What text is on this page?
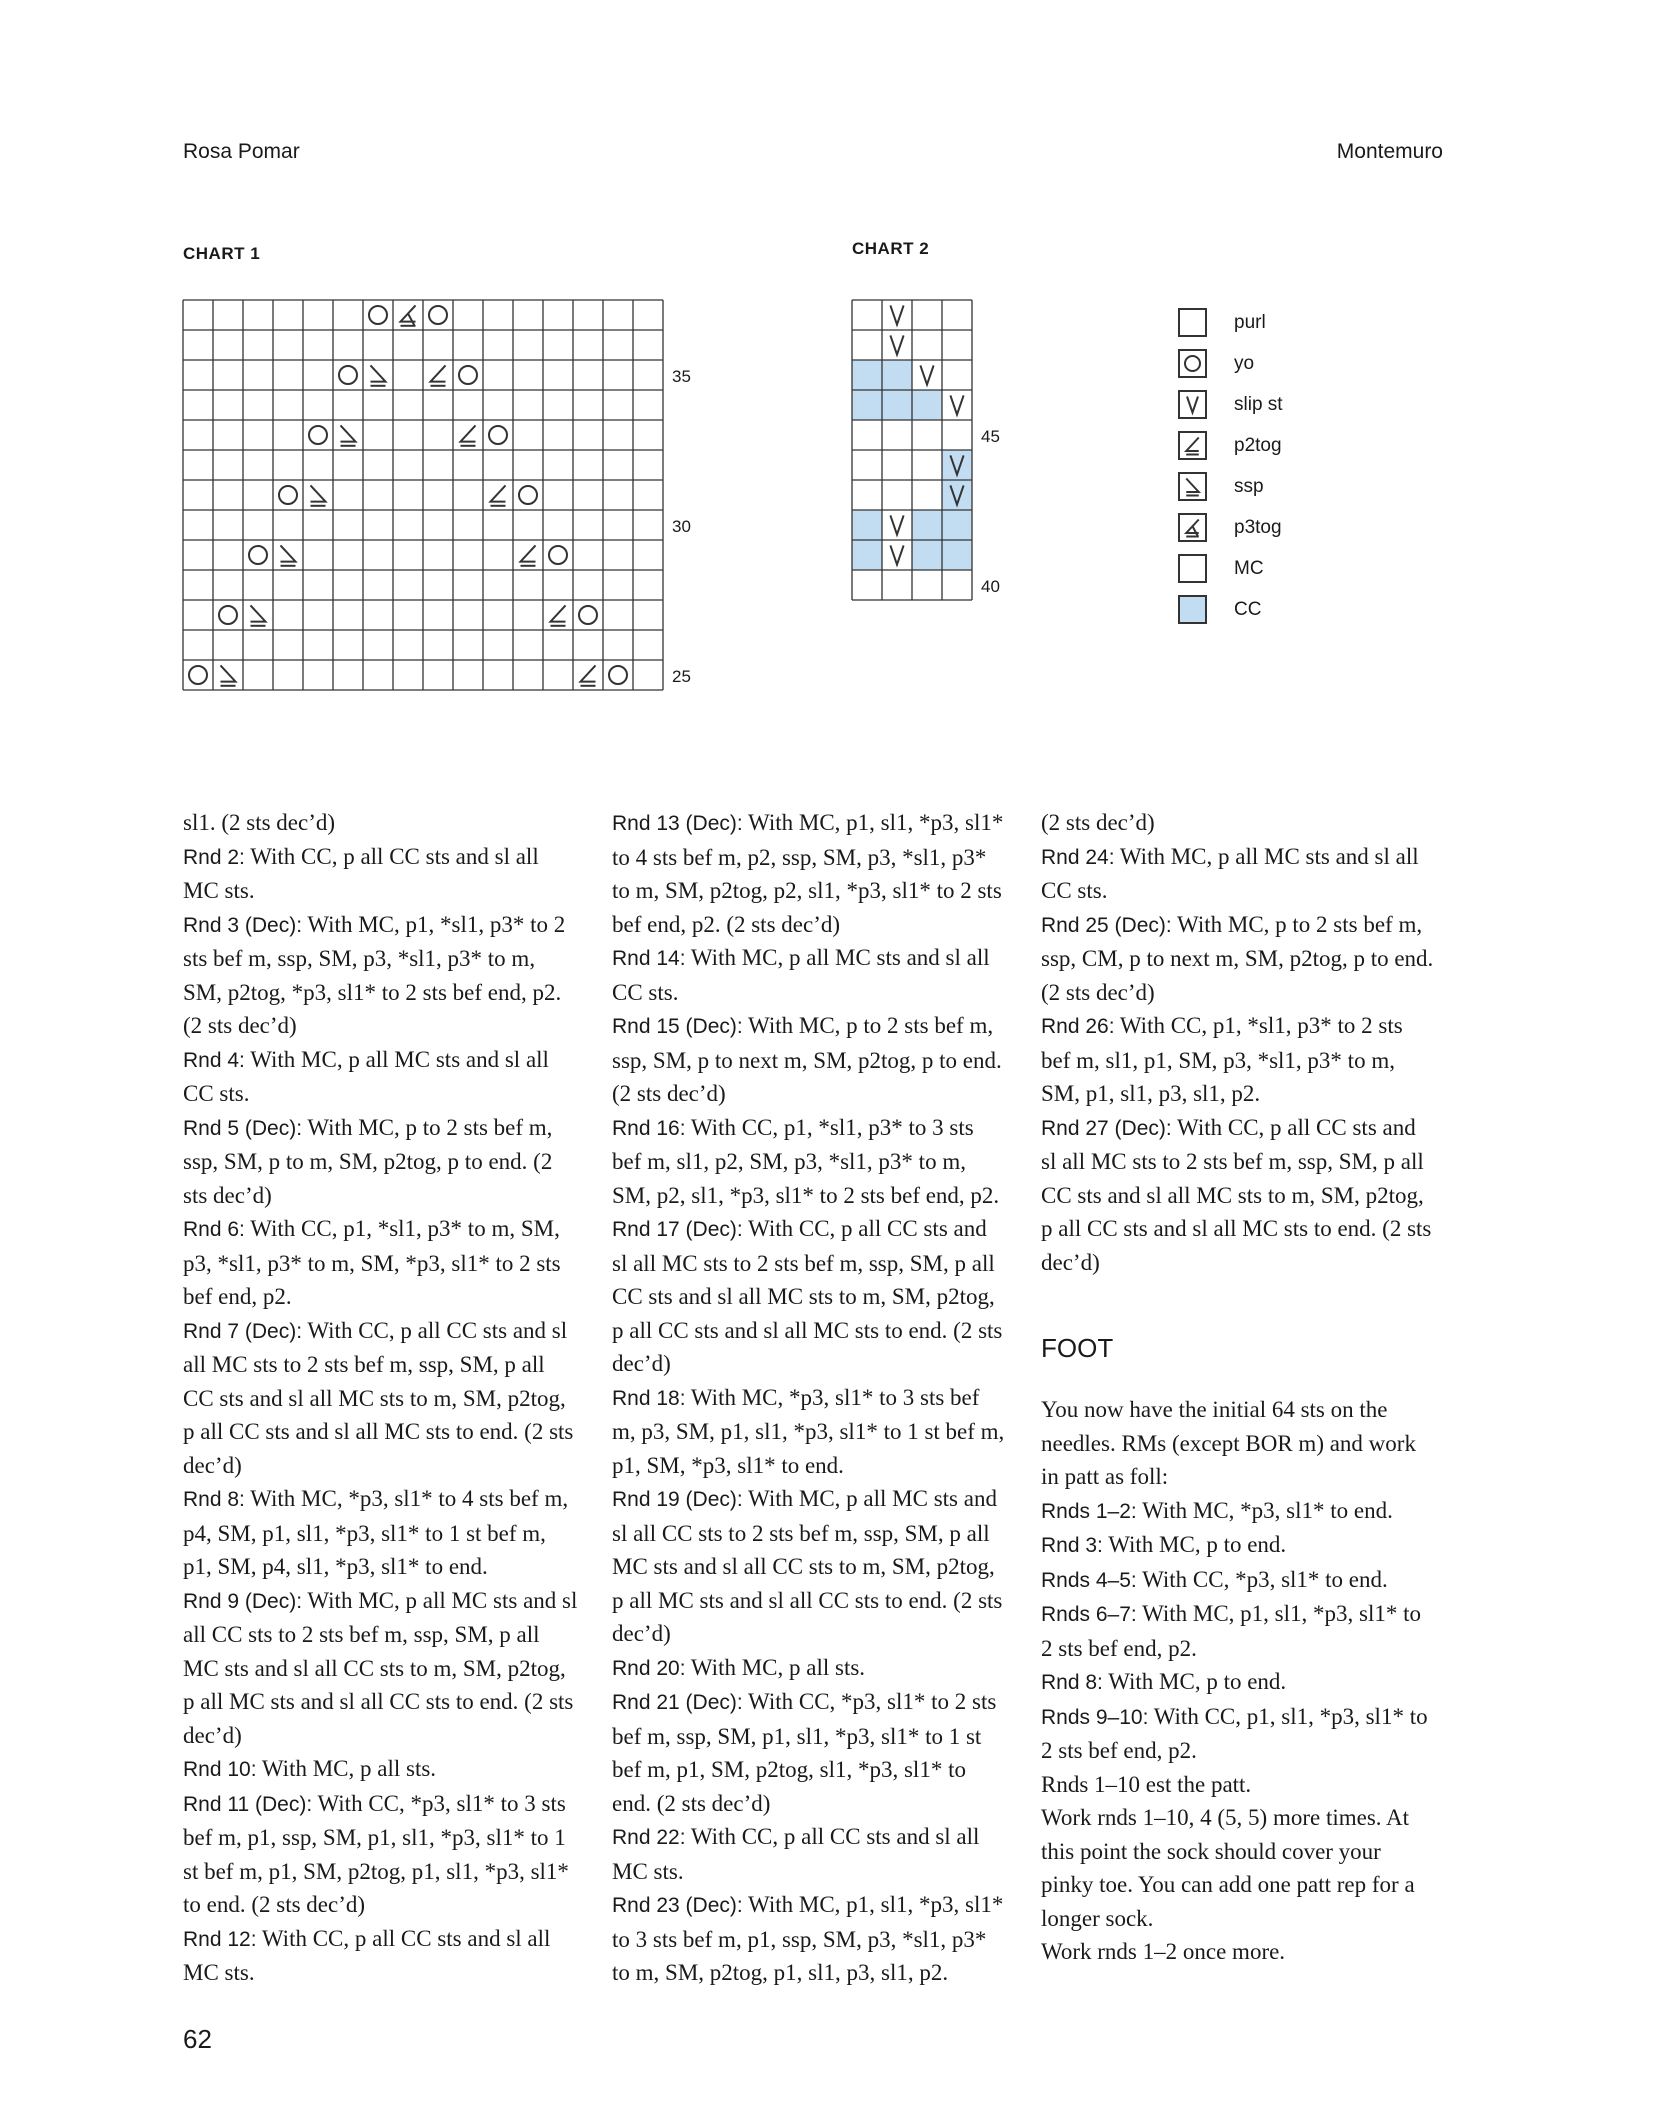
Rosa Pomar	Montemuro
CHART 1
35
30
25
CHART 2
45
40
purl
yo
slip st
p2tog
ssp
p3tog
MC
CC

sl1. (2 sts dec’d)

Rnd 2: With CC, p all CC sts and sl all MC sts.

Rnd 3 (Dec): With MC, p1, *sl1, p3* to 2 sts bef m, ssp, SM, p3, *sl1, p3* to m, SM, p2tog, *p3, sl1* to 2 sts bef end, p2. (2 sts dec’d)

Rnd 4: With MC, p all MC sts and sl all CC sts.

Rnd 5 (Dec): With MC, p to 2 sts bef m, ssp, SM, p to m, SM, p2tog, p to end. (2 sts dec’d)

Rnd 6: With CC, p1, *sl1, p3* to m, SM, p3, *sl1, p3* to m, SM, *p3, sl1* to 2 sts bef end, p2.

Rnd 7 (Dec): With CC, p all CC sts and sl all MC sts to 2 sts bef m, ssp, SM, p all CC sts and sl all MC sts to m, SM, p2tog, p all CC sts and sl all MC sts to end. (2 sts dec’d)

Rnd 8: With MC, *p3, sl1* to 4 sts bef m, p4, SM, p1, sl1, *p3, sl1* to 1 st bef m, p1, SM, p4, sl1, *p3, sl1* to end.

Rnd 9 (Dec): With MC, p all MC sts and sl all CC sts to 2 sts bef m, ssp, SM, p all MC sts and sl all CC sts to m, SM, p2tog, p all MC sts and sl all CC sts to end. (2 sts dec’d)

Rnd 10: With MC, p all sts.

Rnd 11 (Dec): With CC, *p3, sl1* to 3 sts bef m, p1, ssp, SM, p1, sl1, *p3, sl1* to 1 st bef m, p1, SM, p2tog, p1, sl1, *p3, sl1* to end. (2 sts dec’d)

Rnd 12: With CC, p all CC sts and sl all MC sts.

Rnd 13 (Dec): With MC, p1, sl1, *p3, sl1* to 4 sts bef m, p2, ssp, SM, p3, *sl1, p3* to m, SM, p2tog, p2, sl1, *p3, sl1* to 2 sts bef end, p2. (2 sts dec’d)

Rnd 14: With MC, p all MC sts and sl all CC sts.

Rnd 15 (Dec): With MC, p to 2 sts bef m, ssp, SM, p to next m, SM, p2tog, p to end. (2 sts dec’d)

Rnd 16: With CC, p1, *sl1, p3* to 3 sts bef m, sl1, p2, SM, p3, *sl1, p3* to m, SM, p2, sl1, *p3, sl1* to 2 sts bef end, p2.

Rnd 17 (Dec): With CC, p all CC sts and sl all MC sts to 2 sts bef m, ssp, SM, p all CC sts and sl all MC sts to m, SM, p2tog, p all CC sts and sl all MC sts to end. (2 sts dec’d)

Rnd 18: With MC, *p3, sl1* to 3 sts bef m, p3, SM, p1, sl1, *p3, sl1* to 1 st bef m, p1, SM, *p3, sl1* to end.

Rnd 19 (Dec): With MC, p all MC sts and sl all CC sts to 2 sts bef m, ssp, SM, p all MC sts and sl all CC sts to m, SM, p2tog, p all MC sts and sl all CC sts to end. (2 sts dec’d)

Rnd 20: With MC, p all sts.

Rnd 21 (Dec): With CC, *p3, sl1* to 2 sts bef m, ssp, SM, p1, sl1, *p3, sl1* to 1 st bef m, p1, SM, p2tog, sl1, *p3, sl1* to end. (2 sts dec’d)

Rnd 22: With CC, p all CC sts and sl all MC sts.

Rnd 23 (Dec): With MC, p1, sl1, *p3, sl1* to 3 sts bef m, p1, ssp, SM, p3, *sl1, p3* to m, SM, p2tog, p1, sl1, p3, sl1, p2.

(2 sts dec’d)

Rnd 24: With MC, p all MC sts and sl all CC sts.

Rnd 25 (Dec): With MC, p to 2 sts bef m, ssp, CM, p to next m, SM, p2tog, p to end. (2 sts dec’d)

Rnd 26: With CC, p1, *sl1, p3* to 2 sts bef m, sl1, p1, SM, p3, *sl1, p3* to m, SM, p1, sl1, p3, sl1, p2.

Rnd 27 (Dec): With CC, p all CC sts and sl all MC sts to 2 sts bef m, ssp, SM, p all CC sts and sl all MC sts to m, SM, p2tog, p all CC sts and sl all MC sts to end. (2 sts dec’d)

FOOT

You now have the initial 64 sts on the needles. RMs (except BOR m) and work in patt as foll:

Rnds 1–2: With MC, *p3, sl1* to end.

Rnd 3: With MC, p to end.

Rnds 4–5: With CC, *p3, sl1* to end.

Rnds 6–7: With MC, p1, sl1, *p3, sl1* to 2 sts bef end, p2.

Rnd 8: With MC, p to end.

Rnds 9–10: With CC, p1, sl1, *p3, sl1* to 2 sts bef end, p2.

Rnds 1–10 est the patt.

Work rnds 1–10, 4 (5, 5) more times. At this point the sock should cover your pinky toe. You can add one patt rep for a longer sock.

Work rnds 1–2 once more.

62
